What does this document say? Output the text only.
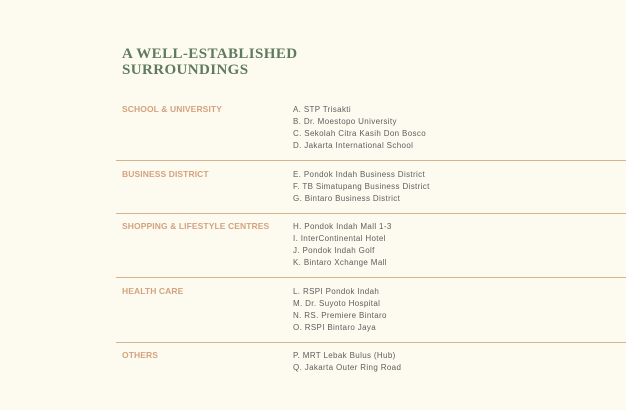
A WELL-ESTABLISHED
SURROUNDINGS
SCHOOL & UNIVERSITY	A. STP Trisakti
B. Dr. Moestopo University
C. Sekolah Citra Kasih Don Bosco
D. Jakarta International School
BUSINESS DISTRICT	E. Pondok Indah Business District
F. TB Simatupang Business District
G. Bintaro Business District
SHOPPING & LIFESTYLE CENTRES	H. Pondok Indah Mall 1-3
I. InterContinental Hotel
J. Pondok Indah Golf
K. Bintaro Xchange Mall
HEALTH CARE	L. RSPI Pondok Indah
M. Dr. Suyoto Hospital
N. RS. Premiere Bintaro
O. RSPI Bintaro Jaya
OTHERS	P. MRT Lebak Bulus (Hub)
Q. Jakarta Outer Ring Road
